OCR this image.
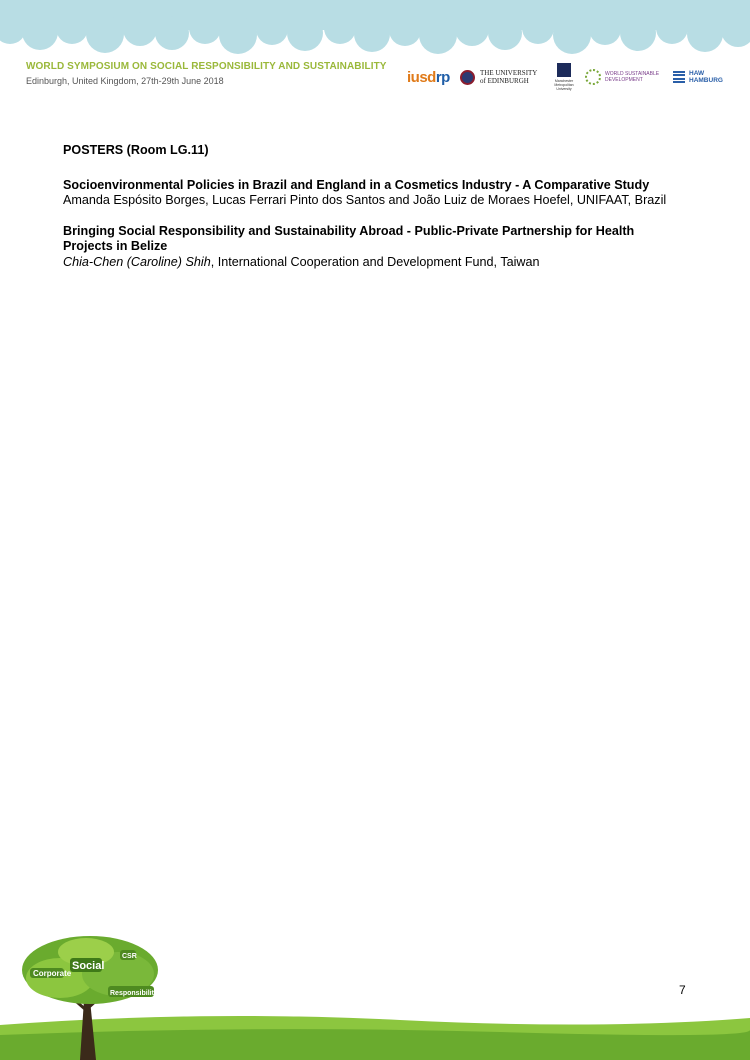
WORLD SYMPOSIUM ON SOCIAL RESPONSIBILITY AND SUSTAINABILITY
Edinburgh, United Kingdom, 27th-29th June 2018	iusd rp	THE UNIVERSITY
of EDINBURGH	Manchester
Metropolitan
University
WORLD SUSTAINABLE
DEVELOPMENT
HAW
HAMBURG
POSTERS (Room LG.11)
Socioenvironmental Policies in Brazil and England in a Cosmetics Industry - A Comparative Study
Amanda Espósito Borges, Lucas Ferrari Pinto dos Santos and João Luiz de Moraes Hoefel, UNIFAAT, Brazil
Bringing Social Responsibility and Sustainability Abroad - Public-Private Partnership for Health Projects in Belize
Chia-Chen (Caroline) Shih, International Cooperation and Development Fund, Taiwan
7
Corporate
Social
Responsibility
CSR
